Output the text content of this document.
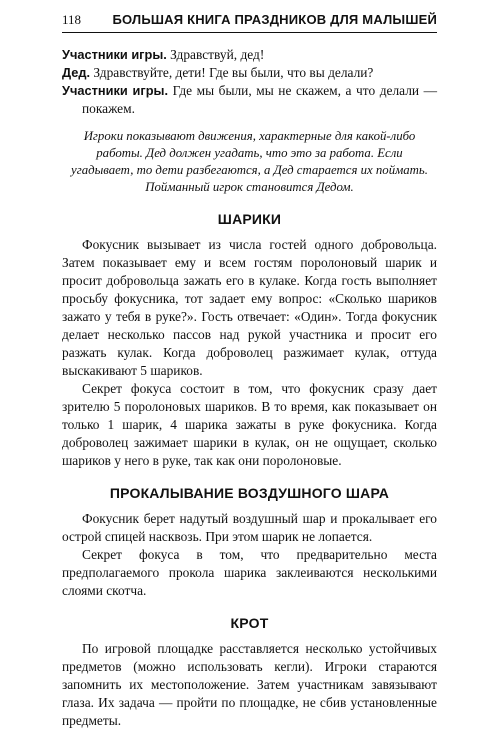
118 БОЛЬШАЯ КНИГА ПРАЗДНИКОВ ДЛЯ МАЛЫШЕЙ

Участники игры. Здравствуй, дед!

Дед. Здравствуйте, дети! Где вы были, что вы делали?

Участники игры. Где мы были, мы не скажем, а что делали — покажем.

Игроки показывают движения, характерные для какой-либо работы. Дед должен угадать, что это за работа. Если угадывает, то дети разбегаются, а Дед старается их поймать. Пойманный игрок становится Дедом.

ШАРИКИ

Фокусник вызывает из числа гостей одного добровольца. Затем показывает ему и всем гостям поролоновый шарик и просит добровольца зажать его в кулаке. Когда гость выполняет просьбу фокусника, тот задает ему вопрос: «Сколько шариков зажато у тебя в руке?». Гость отвечает: «Один». Тогда фокусник делает несколько пассов над рукой участника и просит его разжать кулак. Когда доброволец разжимает кулак, оттуда выскакивают 5 шариков.

Секрет фокуса состоит в том, что фокусник сразу дает зрителю 5 поролоновых шариков. В то время, как показывает он только 1 шарик, 4 шарика зажаты в руке фокусника. Когда доброволец зажимает шарики в кулак, он не ощущает, сколько шариков у него в руке, так как они поролоновые.

ПРОКАЛЫВАНИЕ ВОЗДУШНОГО ШАРА

Фокусник берет надутый воздушный шар и прокалывает его острой спицей насквозь. При этом шарик не лопается.

Секрет фокуса в том, что предварительно места предполагаемого прокола шарика заклеиваются несколькими слоями скотча.

КРОТ

По игровой площадке расставляется несколько устойчивых предметов (можно использовать кегли). Игроки стараются запомнить их местоположение. Затем участникам завязывают глаза. Их задача — пройти по площадке, не сбив установленные предметы.
